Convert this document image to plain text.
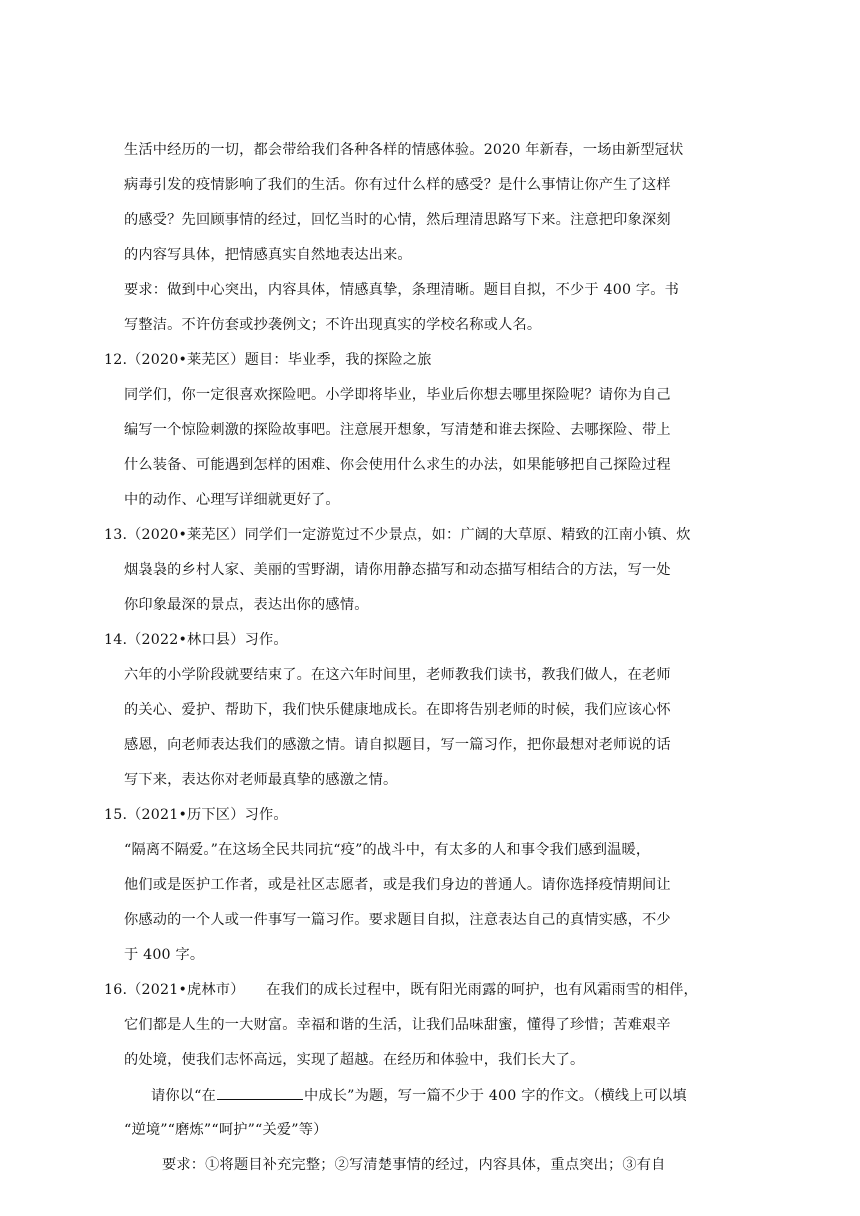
生活中经历的一切，都会带给我们各种各样的情感体验。2020 年新春，一场由新型冠状
病毒引发的疫情影响了我们的生活。你有过什么样的感受？是什么事情让你产生了这样
的感受？先回顾事情的经过，回忆当时的心情，然后理清思路写下来。注意把印象深刻
的内容写具体，把情感真实自然地表达出来。
要求：做到中心突出，内容具体，情感真挚，条理清晰。题目自拟，不少于 400 字。书
写整洁。不许仿套或抄袭例文；不许出现真实的学校名称或人名。
12.（2020•莱芜区）题目：毕业季，我的探险之旅
同学们，你一定很喜欢探险吧。小学即将毕业，毕业后你想去哪里探险呢？请你为自己
编写一个惊险刺激的探险故事吧。注意展开想象，写清楚和谁去探险、去哪探险、带上
什么装备、可能遇到怎样的困难、你会使用什么求生的办法，如果能够把自己探险过程
中的动作、心理写详细就更好了。
13.（2020•莱芜区）同学们一定游览过不少景点，如：广阔的大草原、精致的江南小镇、炊
烟袅袅的乡村人家、美丽的雪野湖，请你用静态描写和动态描写相结合的方法，写一处
你印象最深的景点，表达出你的感情。
14.（2022•林口县）习作。
六年的小学阶段就要结束了。在这六年时间里，老师教我们读书，教我们做人，在老师
的关心、爱护、帮助下，我们快乐健康地成长。在即将告别老师的时候，我们应该心怀
感恩，向老师表达我们的感激之情。请自拟题目，写一篇习作，把你最想对老师说的话
写下来，表达你对老师最真挚的感激之情。
15.（2021•历下区）习作。
“隔离不隔爱。”在这场全民共同抗“疫”的战斗中，有太多的人和事令我们感到温暖，
他们或是医护工作者，或是社区志愿者，或是我们身边的普通人。请你选择疫情期间让
你感动的一个人或一件事写一篇习作。要求题目自拟，注意表达自己的真情实感，不少
于 400 字。
16.（2021•虎林市）　　在我们的成长过程中，既有阳光雨露的呵护，也有风霜雨雪的相伴，
它们都是人生的一大财富。幸福和谐的生活，让我们品味甜蜜，懂得了珍惜；苦难艰辛
的处境，使我们志怀高远，实现了超越。在经历和体验中，我们长大了。
请你以“在	中成长”为题，写一篇不少于 400 字的作文。（横线上可以填
“逆境”“磨炼”“呵护”“关爱”等）
要求：①将题目补充完整；②写清楚事情的经过，内容具体，重点突出；③有自
